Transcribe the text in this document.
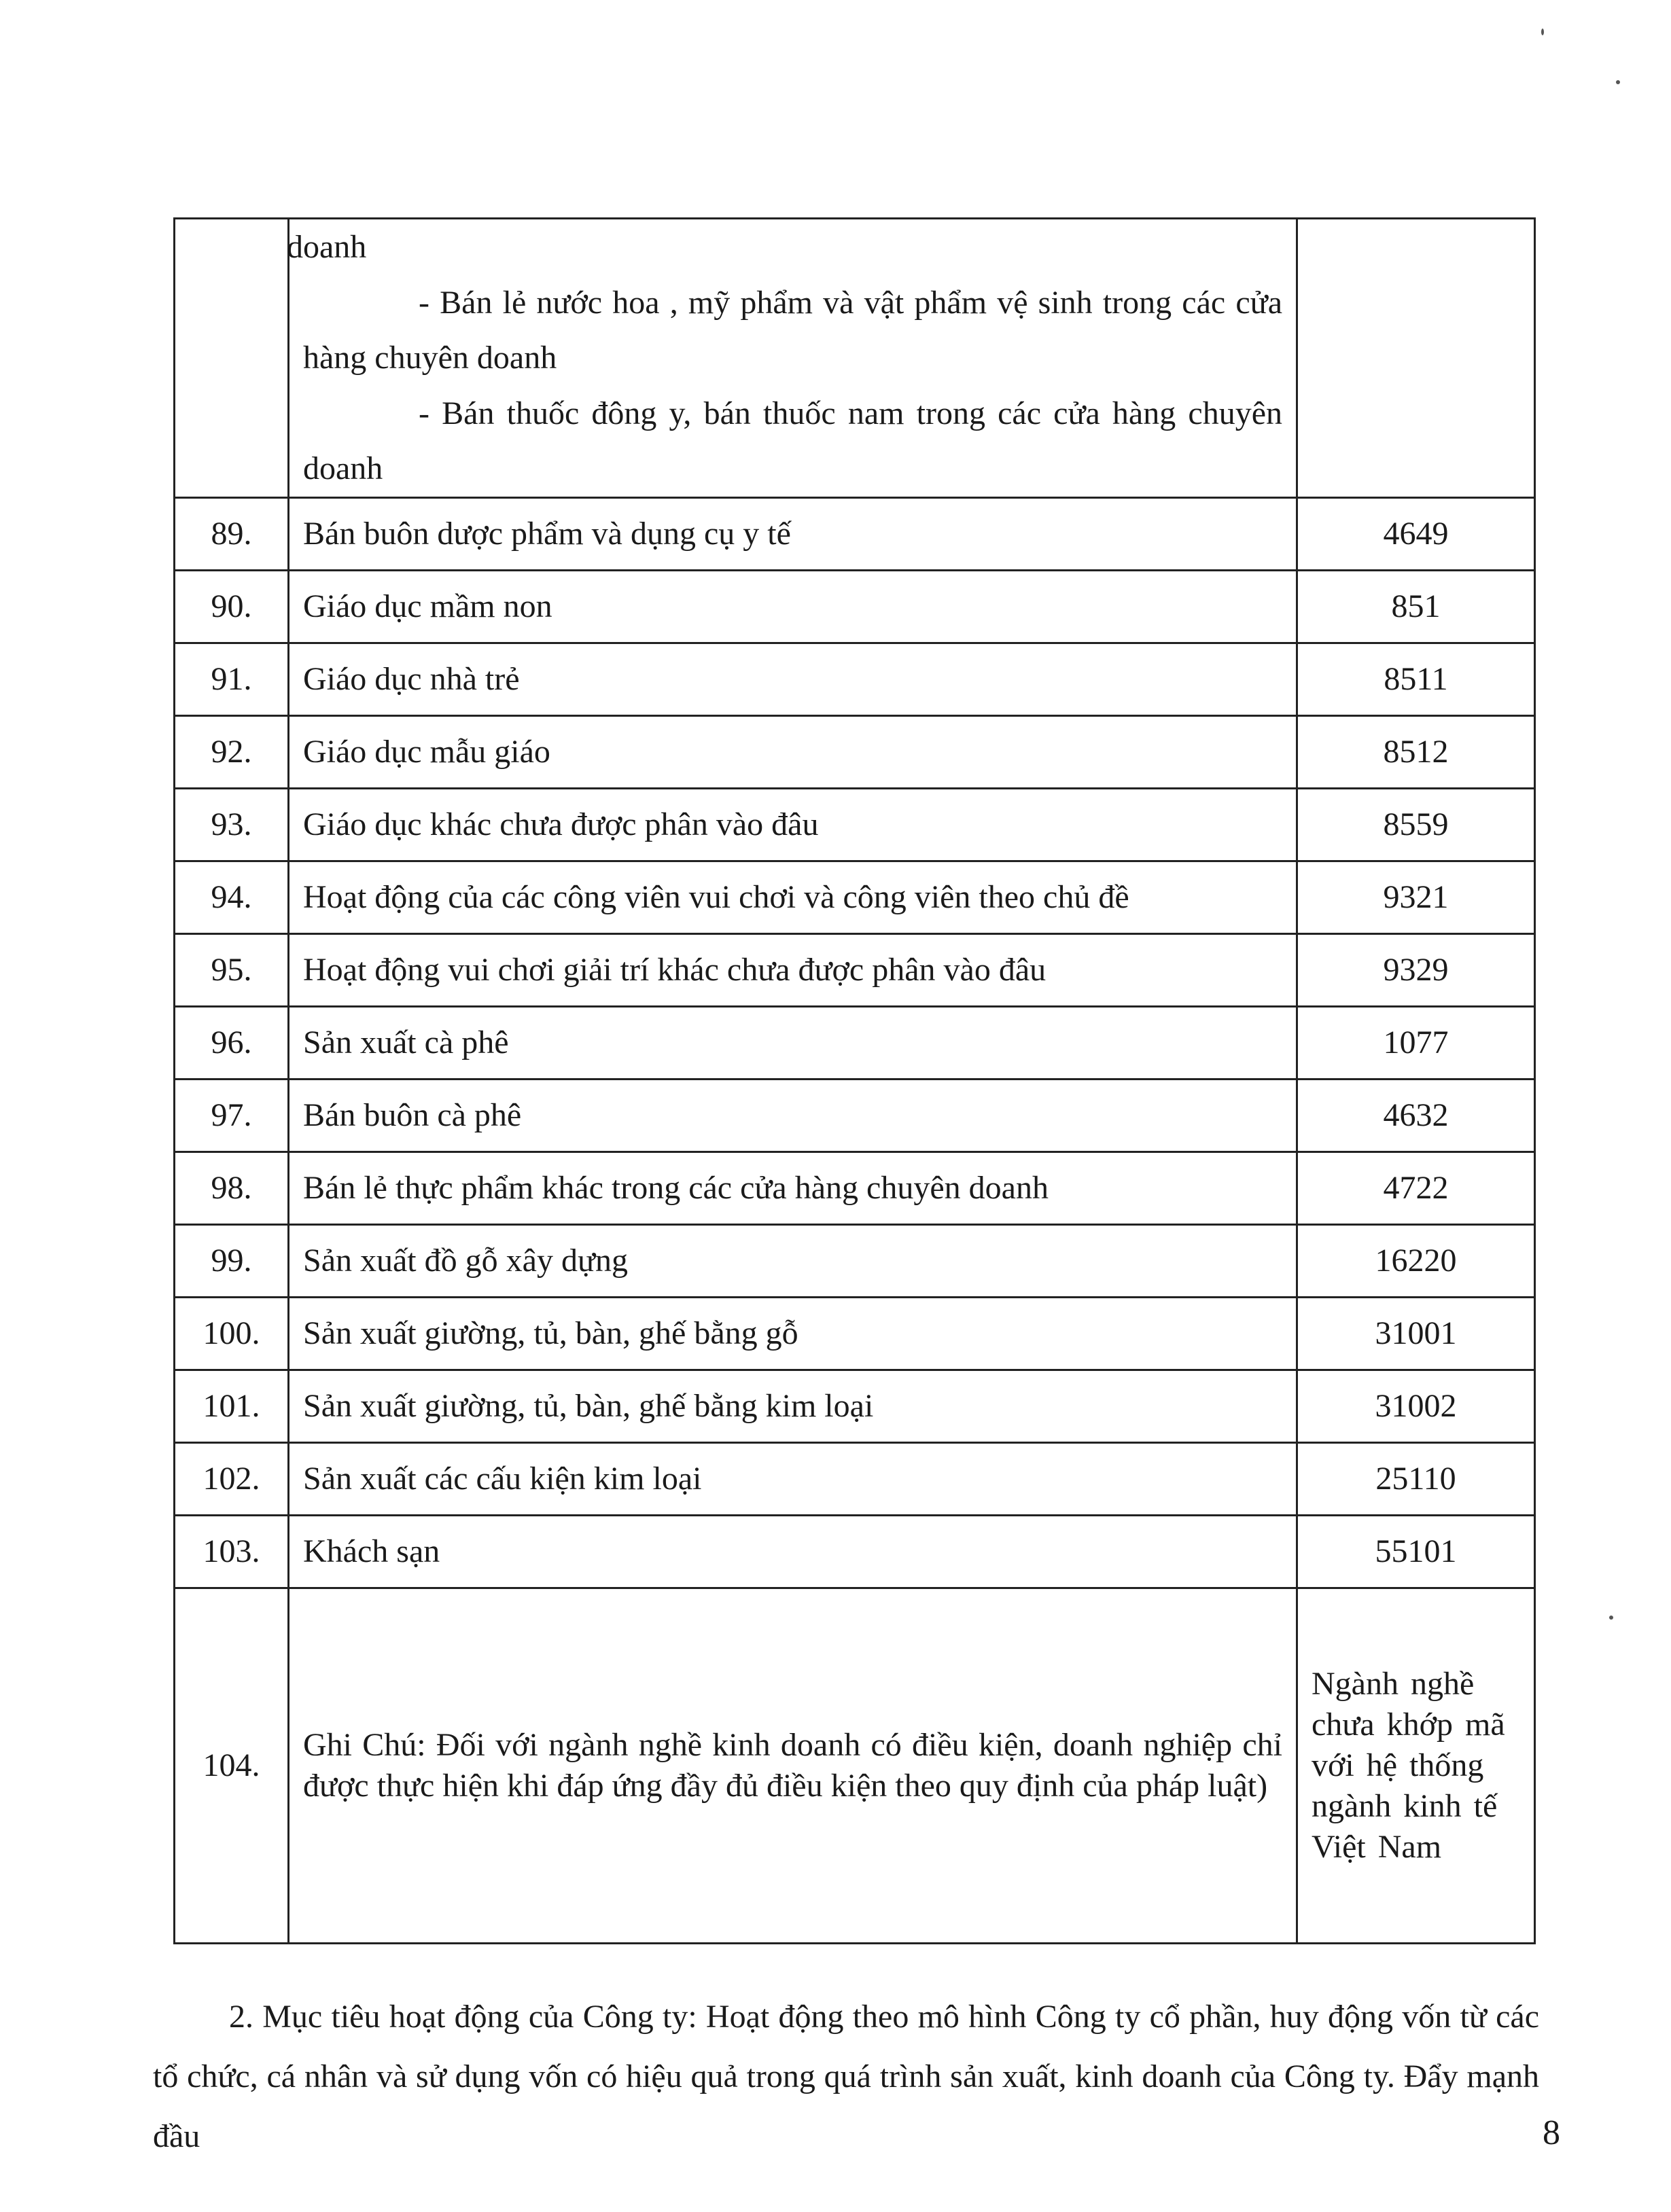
	doanh

- Bán lẻ nước hoa , mỹ phẩm và vật phẩm vệ sinh trong các cửa hàng chuyên doanh

- Bán thuốc đông y, bán thuốc nam trong các cửa hàng chuyên doanh	

89.	Bán buôn dược phẩm và dụng cụ y tế	4649
90.	Giáo dục mầm non	851
91.	Giáo dục nhà trẻ	8511
92.	Giáo dục mẫu giáo	8512
93.	Giáo dục khác chưa được phân vào đâu	8559
94.	Hoạt động của các công viên vui chơi và công viên theo chủ đề	9321
95.	Hoạt động vui chơi giải trí khác chưa được phân vào đâu	9329
96.	Sản xuất cà phê	1077
97.	Bán buôn cà phê	4632
98.	Bán lẻ thực phẩm khác trong các cửa hàng chuyên doanh	4722
99.	Sản xuất đồ gỗ xây dựng	16220
100.	Sản xuất giường, tủ, bàn, ghế bằng gỗ	31001
101.	Sản xuất giường, tủ, bàn, ghế bằng kim loại	31002
102.	Sản xuất các cấu kiện kim loại	25110
103.	Khách sạn	55101
104.	Ghi Chú: Đối với ngành nghề kinh doanh có điều kiện, doanh nghiệp chỉ được thực hiện khi đáp ứng đầy đủ điều kiện theo quy định của pháp luật)	Ngành nghề chưa khớp mã với hệ thống ngành kinh tế Việt Nam

2. Mục tiêu hoạt động của Công ty: Hoạt động theo mô hình Công ty cổ phần, huy động vốn từ các tổ chức, cá nhân và sử dụng vốn có hiệu quả trong quá trình sản xuất, kinh doanh của Công ty. Đẩy mạnh đầu	8
